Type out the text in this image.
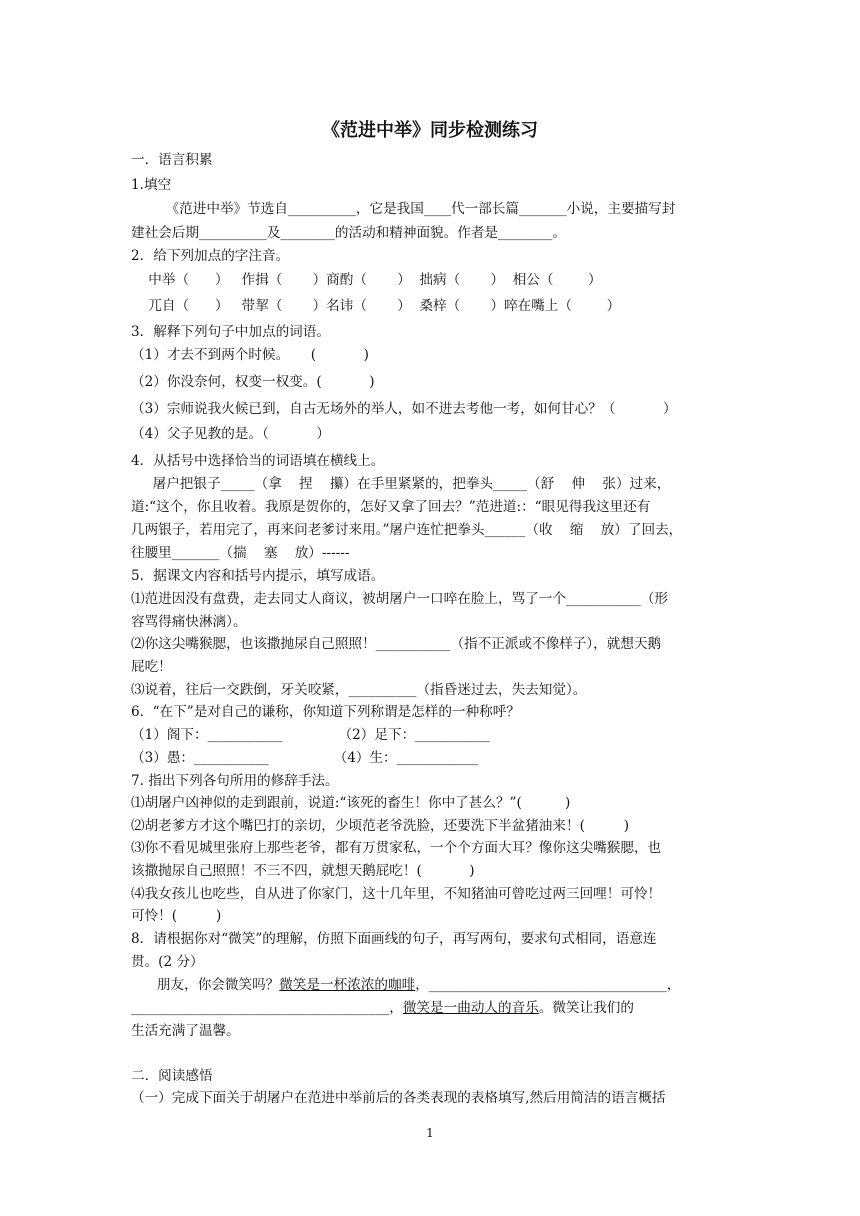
《范进中举》同步检测练习
一．语言积累
1.填空
《范进中举》节选自__________，它是我国____代一部长篇_______小说，主要描写封
建社会后期__________及________的活动和精神面貌。作者是________。
2．给下列加点的字注音。
中举（      ）   作揖（       ）商酌（       ）  拙病（       ）  相公（        ）
兀自（      ）   带挈（       ）名讳（       ）  桑梓（       ）啐在嘴上（        ）
3．解释下列句子中加点的词语。
（1）才去不到两个时候。     (           )
（2）你没奈何，权变一权变。(           )
（3）宗师说我火候已到，自古无场外的举人，如不进去考他一考，如何甘心？（           ）
（4）父子见教的是。（           ）
4．从括号中选择恰当的词语填在横线上。
屠户把银子_____（拿    捏    攥）在手里紧紧的，把拳头_____（舒    伸    张）过来，
道:“这个，你且收着。我原是贺你的，怎好又拿了回去？”范进道:：“眼见得我这里还有
几两银子，若用完了，再来问老爹讨来用。”屠户连忙把拳头______（收    缩    放）了回去，
往腰里_______（揣    塞    放）------
5．据课文内容和括号内提示，填写成语。
⑴范进因没有盘费，走去同丈人商议，被胡屠户一口啐在脸上，骂了一个___________（形
容骂得痛快淋漓）。
⑵你这尖嘴猴腮，也该撒抛尿自己照照！___________（指不正派或不像样子），就想天鹅
屁吃！
⑶说着，往后一交跌倒，牙关咬紧，__________（指昏迷过去，失去知觉）。
6.  “在下”是对自己的谦称，你知道下列称谓是怎样的一种称呼？
（1）阁下：___________             （2）足下：___________
（3）愚：___________               （4）生：____________
7. 指出下列各句所用的修辞手法。
⑴胡屠户凶神似的走到跟前，说道:“该死的畜生！你中了甚么？”(          )
⑵胡老爹方才这个嘴巴打的亲切，少顷范老爷洗脸，还要洗下半盆猪油来！(         )
⑶你不看见城里张府上那些老爷，都有万贯家私，一个个方面大耳？像你这尖嘴猴腮，也
该撒抛尿自己照照！不三不四，就想天鹅屁吃！(           )
⑷我女孩儿也吃些，自从进了你家门，这十几年里，不知猪油可曾吃过两三回哩！可怜！
可怜！(         )
8．请根据你对“微笑”的理解，仿照下面画线的句子，再写两句，要求句式相同，语意连
贯。(2 分）
朋友，你会微笑吗？微笑是一杯浓浓的咖啡，___________________________________，
______________________________________，微笑是一曲动人的音乐。微笑让我们的
生活充满了温馨。
二．阅读感悟
（一）完成下面关于胡屠户在范进中举前后的各类表现的表格填写,然后用简洁的语言概括
1
